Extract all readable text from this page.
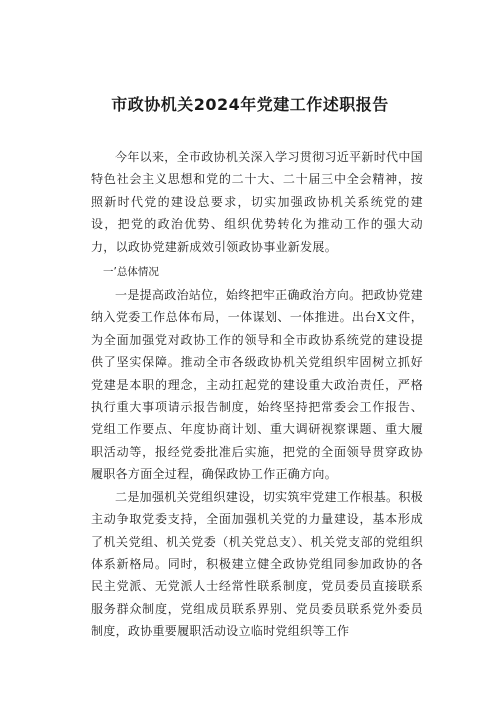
市政协机关2024年党建工作述职报告

今年以来，全市政协机关深入学习贯彻习近平新时代中国特色社会主义思想和党的二十大、二十届三中全会精神，按照新时代党的建设总要求，切实加强政协机关系统党的建设，把党的政治优势、组织优势转化为推动工作的强大动力，以政协党建新成效引领政协事业新发展。

一’总体情况

一是提高政治站位，始终把牢正确政治方向。把政协党建纳入党委工作总体布局，一体谋划、一体推进。出台X文件，为全面加强党对政协工作的领导和全市政协系统党的建设提供了坚实保障。推动全市各级政协机关党组织牢固树立抓好党建是本职的理念，主动扛起党的建设重大政治责任，严格执行重大事项请示报告制度，始终坚持把常委会工作报告、党组工作要点、年度协商计划、重大调研视察课题、重大履职活动等，报经党委批准后实施，把党的全面领导贯穿政协履职各方面全过程，确保政协工作正确方向。

二是加强机关党组织建设，切实筑牢党建工作根基。积极主动争取党委支持，全面加强机关党的力量建设，基本形成了机关党组、机关党委（机关党总支）、机关党支部的党组织体系新格局。同时，积极建立健全政协党组同参加政协的各民主党派、无党派人士经常性联系制度，党员委员直接联系服务群众制度，党组成员联系界别、党员委员联系党外委员制度，政协重要履职活动设立临时党组织等工作
